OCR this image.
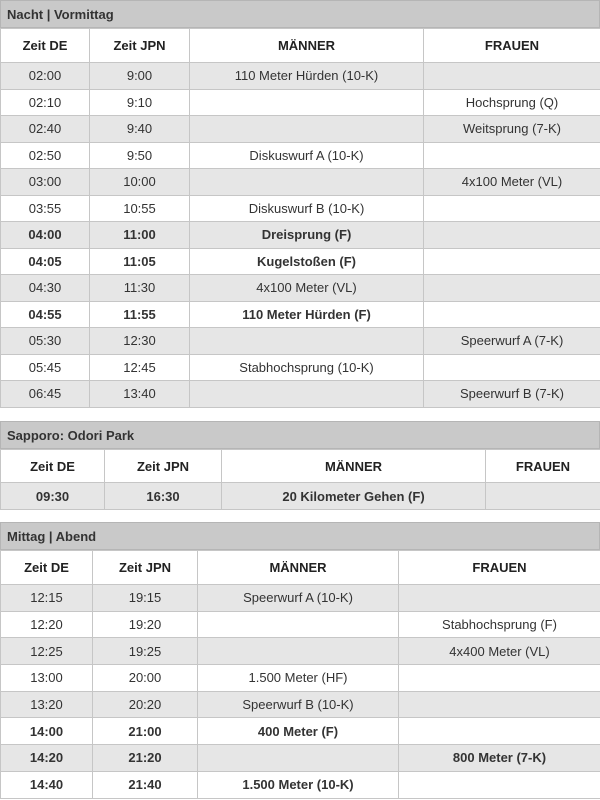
Nacht | Vormittag
Zeit DE	Zeit JPN	MÄNNER	FRAUEN
02:00	9:00	110 Meter Hürden (10-K)	
02:10	9:10		Hochsprung (Q)
02:40	9:40		Weitsprung (7-K)
02:50	9:50	Diskuswurf A (10-K)	
03:00	10:00		4x100 Meter (VL)
03:55	10:55	Diskuswurf B (10-K)	
04:00	11:00	Dreisprung (F)	
04:05	11:05	Kugelstoßen (F)	
04:30	11:30	4x100 Meter (VL)	
04:55	11:55	110 Meter Hürden (F)	
05:30	12:30		Speerwurf A (7-K)
05:45	12:45	Stabhochsprung (10-K)	
06:45	13:40		Speerwurf B (7-K)
Sapporo: Odori Park
Zeit DE	Zeit JPN	MÄNNER	FRAUEN
09:30	16:30	20 Kilometer Gehen (F)	
Mittag | Abend
Zeit DE	Zeit JPN	MÄNNER	FRAUEN
12:15	19:15	Speerwurf A (10-K)	
12:20	19:20		Stabhochsprung (F)
12:25	19:25		4x400 Meter (VL)
13:00	20:00	1.500 Meter (HF)	
13:20	20:20	Speerwurf B (10-K)	
14:00	21:00	400 Meter (F)	
14:20	21:20		800 Meter (7-K)
14:40	21:40	1.500 Meter (10-K)	
